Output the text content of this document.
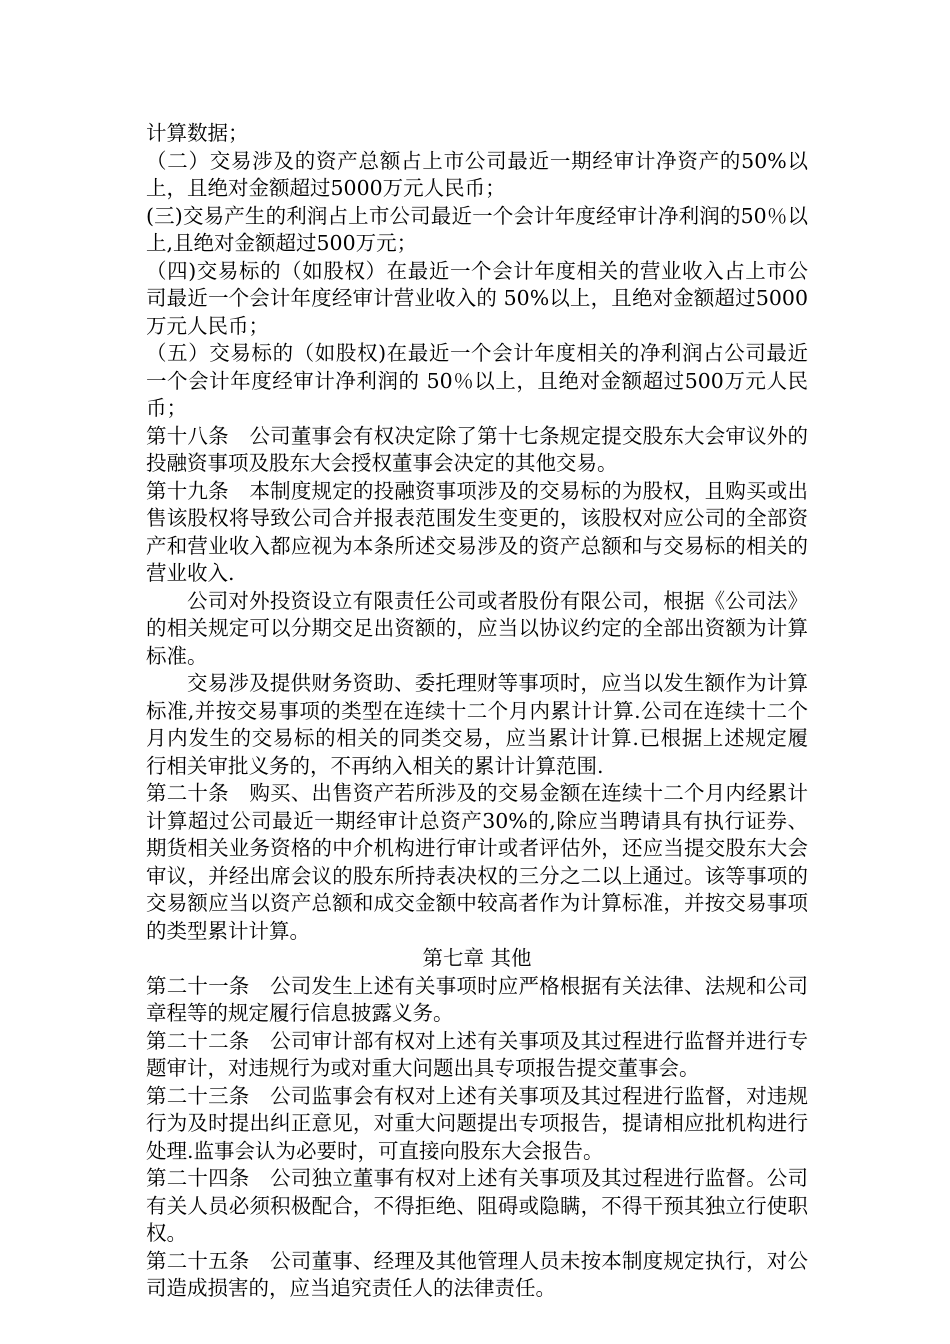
计算数据；

（二）交易涉及的资产总额占上市公司最近一期经审计净资产的50%以上，且绝对金额超过5000万元人民币；

(三)交易产生的利润占上市公司最近一个会计年度经审计净利润的50％以上,且绝对金额超过500万元；

（四)交易标的（如股权）在最近一个会计年度相关的营业收入占上市公司最近一个会计年度经审计营业收入的 50%以上，且绝对金额超过5000万元人民币；

（五）交易标的（如股权)在最近一个会计年度相关的净利润占公司最近一个会计年度经审计净利润的 50％以上，且绝对金额超过500万元人民币；

第十八条　公司董事会有权决定除了第十七条规定提交股东大会审议外的投融资事项及股东大会授权董事会决定的其他交易。

第十九条　本制度规定的投融资事项涉及的交易标的为股权，且购买或出售该股权将导致公司合并报表范围发生变更的，该股权对应公司的全部资产和营业收入都应视为本条所述交易涉及的资产总额和与交易标的相关的营业收入.

公司对外投资设立有限责任公司或者股份有限公司，根据《公司法》的相关规定可以分期交足出资额的，应当以协议约定的全部出资额为计算标准。

交易涉及提供财务资助、委托理财等事项时，应当以发生额作为计算标准,并按交易事项的类型在连续十二个月内累计计算.公司在连续十二个月内发生的交易标的相关的同类交易，应当累计计算.已根据上述规定履行相关审批义务的，不再纳入相关的累计计算范围.

第二十条　购买、出售资产若所涉及的交易金额在连续十二个月内经累计计算超过公司最近一期经审计总资产30%的,除应当聘请具有执行证券、期货相关业务资格的中介机构进行审计或者评估外，还应当提交股东大会审议，并经出席会议的股东所持表决权的三分之二以上通过。该等事项的交易额应当以资产总额和成交金额中较高者作为计算标准，并按交易事项的类型累计计算。

第七章 其他

第二十一条　公司发生上述有关事项时应严格根据有关法律、法规和公司章程等的规定履行信息披露义务。

第二十二条　公司审计部有权对上述有关事项及其过程进行监督并进行专题审计，对违规行为或对重大问题出具专项报告提交董事会。

第二十三条　公司监事会有权对上述有关事项及其过程进行监督，对违规行为及时提出纠正意见，对重大问题提出专项报告，提请相应批机构进行处理.监事会认为必要时，可直接向股东大会报告。

第二十四条　公司独立董事有权对上述有关事项及其过程进行监督。公司有关人员必须积极配合，不得拒绝、阻碍或隐瞒，不得干预其独立行使职权。

第二十五条　公司董事、经理及其他管理人员未按本制度规定执行，对公司造成损害的，应当追究责任人的法律责任。
